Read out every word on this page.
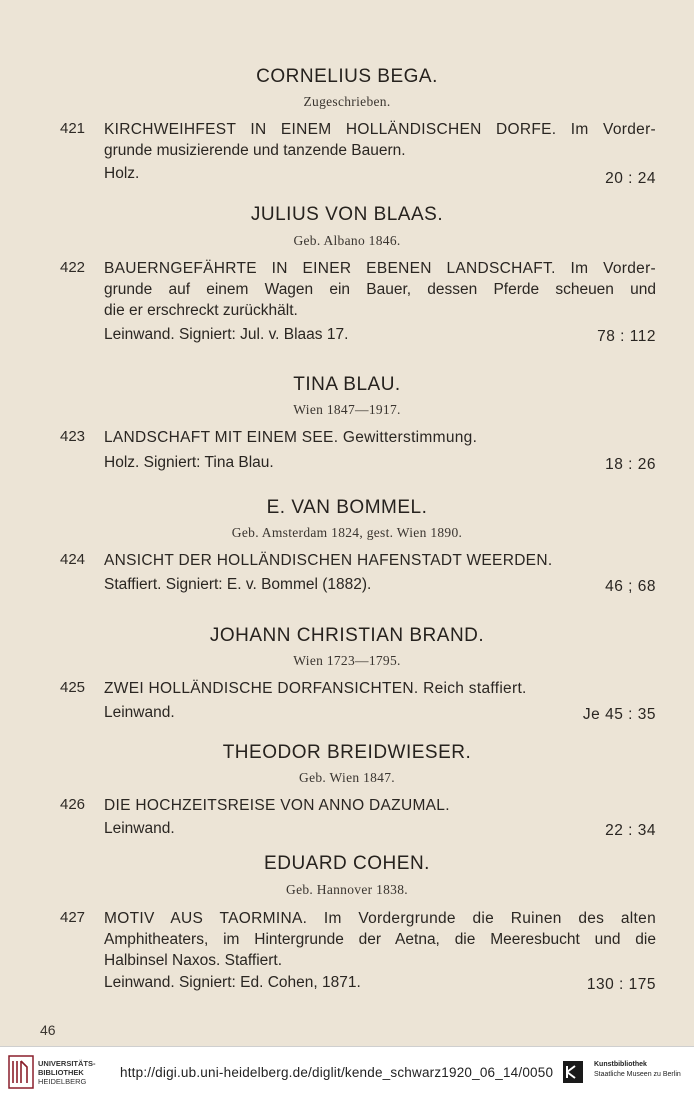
CORNELIUS BEGA.
Zugeschrieben.
421 KIRCHWEIHFEST IN EINEM HOLLÄNDISCHEN DORFE. Im Vorder-
grunde musizierende und tanzende Bauern.
Holz.	20 : 24
JULIUS VON BLAAS.
Geb. Albano 1846.
422 BAUERNGEFÄHRTE IN EINER EBENEN LANDSCHAFT. Im Vorder-
grunde auf einem Wagen ein Bauer, dessen Pferde scheuen und
die er erschreckt zurückhält.
Leinwand. Signiert: Jul. v. Blaas 17.	78 : 112
TINA BLAU.
Wien 1847—1917.
423 LANDSCHAFT MIT EINEM SEE. Gewitterstimmung.
Holz. Signiert: Tina Blau.	18 : 26
E. VAN BOMMEL.
Geb. Amsterdam 1824, gest. Wien 1890.
424 ANSICHT DER HOLLÄNDISCHEN HAFENSTADT WEERDEN.
Staffiert. Signiert: E. v. Bommel (1882).	46 ; 68
JOHANN CHRISTIAN BRAND.
Wien 1723—1795.
425 ZWEI HOLLÄNDISCHE DORFANSICHTEN. Reich staffiert.
Leinwand.	Je 45 : 35
THEODOR BREIDWIESER.
Geb. Wien 1847.
426 DIE HOCHZEITSREISE VON ANNO DAZUMAL.
Leinwand.	22 : 34
EDUARD COHEN.
Geb. Hannover 1838.
427 MOTIV AUS TAORMINA. Im Vordergrunde die Ruinen des alten
Amphitheaters, im Hintergrunde der Aetna, die Meeresbucht und die
Halbinsel Naxos. Staffiert.
Leinwand. Signiert: Ed. Cohen, 1871.	130 : 175
46
UNIVERSITÄTS-
BIBLIOTHEK
HEIDELBERG
http://digi.ub.uni-heidelberg.de/diglit/kende_schwarz1920_06_14/0050
Kunstbibliothek
Staatliche Museen zu Berlin
